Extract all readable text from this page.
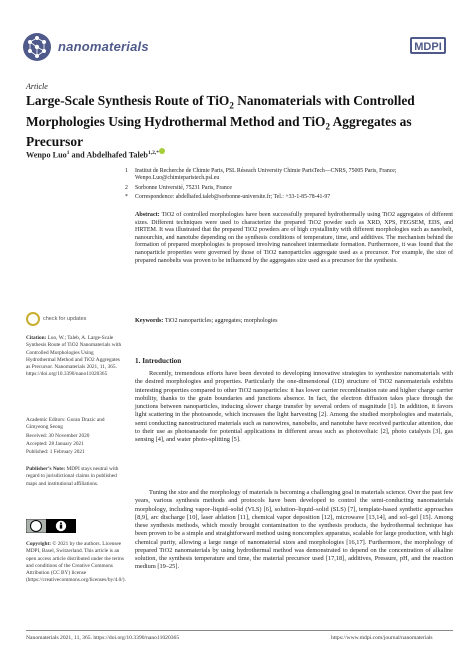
nanomaterials	MDPI
Article
Large-Scale Synthesis Route of TiO$_2$ Nanomaterials with Controlled Morphologies Using Hydrothermal Method and TiO$_2$ Aggregates as Precursor
Wenpo Luo$^1$ and Abdelhafed Taleb$^{1,2,*}$
1 Institut de Recherche de Chimie Paris, PSL Réseach University Chimie ParisTech—CNRS, 75005 Paris, France; Wenpo.Luo@chimieparistech.psl.eu
2 Sorbonne Université, 75231 Paris, France
* Correspondence: abdelhafed.taleb@sorbonne-universite.fr; Tel.: +33-1-85-78-41-97
Abstract: TiO2 of controlled morphologies have been successfully prepared hydrothermally using TiO2 aggregates of different sizes. Different techniques were used to characterize the prepared TiO2 powder such as XRD, XPS, FEGSEM, EDS, and HRTEM. It was illustrated that the prepared TiO2 powders are of high crystallinity with different morphologies such as nanobelt, nanourchin, and nanotube depending on the synthesis conditions of temperature, time, and additives. The mechanism behind the formation of prepared morphologies is proposed involving nanosheet intermediate formation. Furthermore, it was found that the nanoparticle properties were governed by those of TiO2 nanoparticles aggregate used as a precursor. For example, the size of prepared nanobelts was proven to be influenced by the aggregates size used as a precursor for the synthesis.
Keywords: TiO2 nanoparticles; aggregates; morphologies
check for updates
Citation: Luo, W.; Taleb, A. Large-Scale Synthesis Route of TiO2 Nanomaterials with Controlled Morphologies Using Hydrothermal Method and TiO2 Aggregates as Precursor. Nanomaterials 2021, 11, 365. https://doi.org/10.3390/nano11020365
Academic Editors: Goran Drazic and Gimyeong Seong
Received: 30 November 2020
Accepted: 28 January 2021
Published: 1 February 2021
Publisher’s Note: MDPI stays neutral with regard to jurisdictional claims in published maps and institutional affiliations.
Copyright: © 2021 by the authors. Licensee MDPI, Basel, Switzerland. This article is an open access article distributed under the terms and conditions of the Creative Commons Attribution (CC BY) license (https://creativecommons.org/licenses/by/4.0/).
1. Introduction
Recently, tremendous efforts have been devoted to developing innovative strategies to synthesize nanomaterials with the desired morphologies and properties. Particularly the one-dimensional (1D) structure of TiO2 nanomaterials exhibits interesting properties compared to other TiO2 nanoparticles: it has lower carrier recombination rate and higher charge carrier mobility, thanks to the grain boundaries and junctions absence. In fact, the electron diffusion takes place through the junctions between nanoparticles, inducing slower charge transfer by several orders of magnitude [1]. In addition, it favors light scattering in the photoanode, which increases the light harvesting [2]. Among the studied morphologies and materials, semi conducting nanostructured materials such as nanowires, nanobelts, and nanotube have received particular attention, due to their use as photoanaode for potential applications in different areas such as photovoltaic [2], photo catalysis [3], gas sensing [4], and water photo-splitting [5].
Tuning the size and the morphology of materials is becoming a challenging goal in materials science. Over the past few years, various synthesis methods and protocols have been developed to control the semi-conducting nanomaterials morphology, including vapor–liquid–solid (VLS) [6], solution–liquid–solid (SLS) [7], template-based synthetic approaches [8,9], arc discharge [10], laser ablation [11], chemical vapor deposition [12], microwave [13,14], and sol–gel [15]. Among these synthesis methods, which mostly brought contamination to the synthesis products, the hydrothermal technique has been proven to be a simple and straightforward method using noncomplex apparatus, scalable for large production, with high chemical purity, allowing a large range of nanomaterial sizes and morphologies [16,17]. Furthermore, the morphology of prepared TiO2 nanomaterials by using hydrothermal method was demonstrated to depend on the concentration of alkaline solution, the synthesis temperature and time, the material precursor used [17,18], additives, Pressure, pH, and the reaction medium [19–25].
Nanomaterials 2021, 11, 365. https://doi.org/10.3390/nano11020365	https://www.mdpi.com/journal/nanomaterials
